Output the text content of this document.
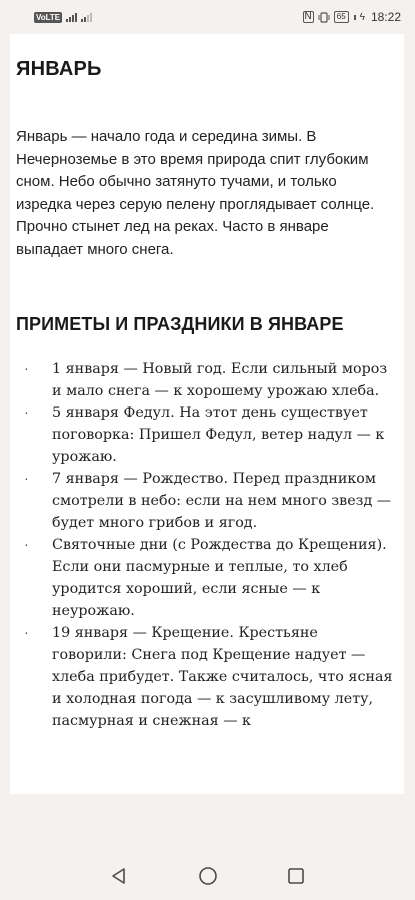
VoLTE	N	65 ϟ 18:22
ЯНВАРЬ

Январь — начало года и середина зимы. В Нечерноземье в это время природа спит глубоким сном. Небо обычно затянуто тучами, и только изредка через серую пелену проглядывает солнце. Прочно стынет лед на реках. Часто в январе выпадает много снега.

ПРИМЕТЫ И ПРАЗДНИКИ В ЯНВАРЕ
· 1 января — Новый год. Если сильный мороз и мало снега — к хорошему урожаю хлеба.
· 5 января Федул. На этот день существует поговорка: Пришел Федул, ветер надул — к урожаю.
· 7 января — Рождество. Перед праздником смотрели в небо: если на нем много звезд — будет много грибов и ягод.
· Святочные дни (с Рождества до Крещения). Если они пасмурные и теплые, то хлеб уродится хороший, если ясные — к неурожаю.
· 19 января — Крещение. Крестьяне говорили: Снега под Крещение надует — хлеба прибудет. Также считалось, что ясная и холодная погода — к засушливому лету, пасмурная и снежная — к
